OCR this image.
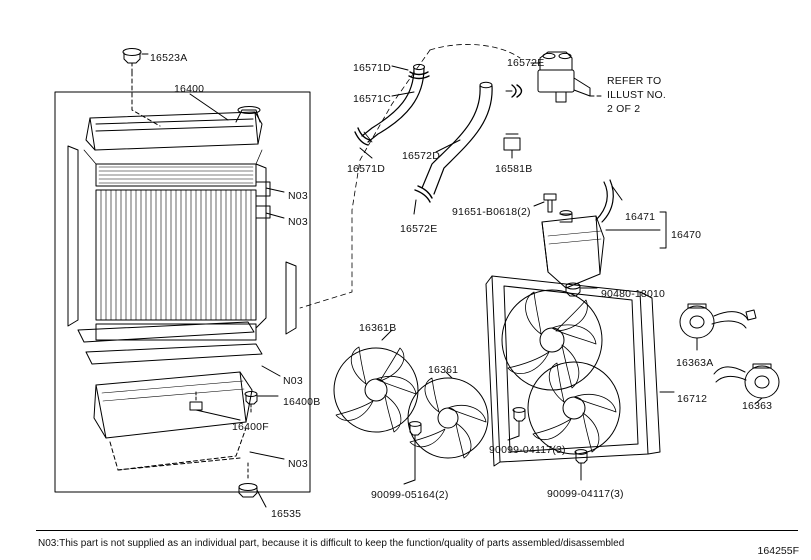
REFER TO
ILLUST NO.
2 OF 2
16523A
16400
16571D
16571C
16571D
16572D
16572E
16572E
16581B
91651-B0618(2)	16471
16470
90480-18010
16361B
16361
16363A
16363
16712
90099-04117(3)
90099-04117(3)
90099-05164(2)
16400B
16400F
16535
N03
N03
N03
N03
N03:This part is not supplied as an individual part, because it is difficult to keep the function/quality of parts assembled/disassembled
164255F
